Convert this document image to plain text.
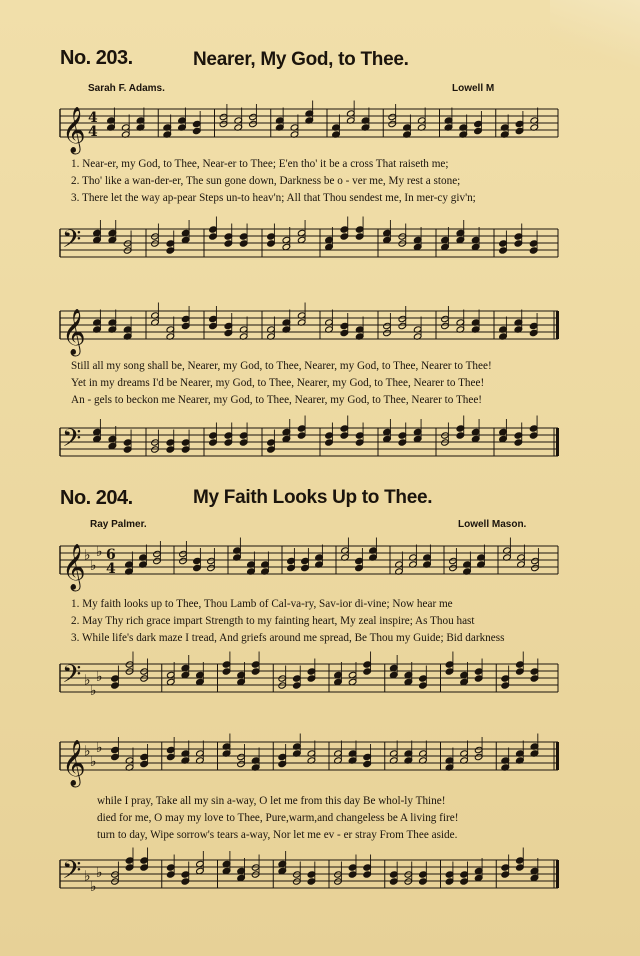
No. 203.	Nearer, My God, to Thee.
Sarah F. Adams.	Lowell M
𝄞 4
4
1. Near-er, my God, to Thee, Near-er to Thee; E'en tho' it be a cross That raiseth me;
2. Tho' like a wan-der-er, The sun gone down, Darkness be o - ver me, My rest a stone;
3. There let the way ap-pear Steps un-to heav'n; All that Thou sendest me, In mer-cy giv'n;
𝄢
𝄞
Still all my song shall be, Nearer, my God, to Thee, Nearer, my God, to Thee, Nearer to Thee!
Yet in my dreams I'd be Nearer, my God, to Thee, Nearer, my God, to Thee, Nearer to Thee!
An - gels to beckon me Nearer, my God, to Thee, Nearer, my God, to Thee, Nearer to Thee!
𝄢
No. 204.	My Faith Looks Up to Thee.
Ray Palmer.	Lowell Mason.
𝄞
♭
♭
♭ 6
4
1. My faith looks up to Thee, Thou Lamb of Cal-va-ry, Sav-ior di-vine; Now hear me
2. May Thy rich grace impart Strength to my fainting heart, My zeal inspire; As Thou hast
3. While life's dark maze I tread, And griefs around me spread, Be Thou my Guide; Bid darkness
𝄢 ♭
♭
♭
𝄞
♭
♭
♭
while I pray, Take all my sin a-way, O let me from this day Be whol-ly Thine!
died for me, O may my love to Thee, Pure,warm,and changeless be A living fire!
turn to day, Wipe sorrow's tears a-way, Nor let me ev - er stray From Thee aside.
𝄢 ♭
♭
♭
